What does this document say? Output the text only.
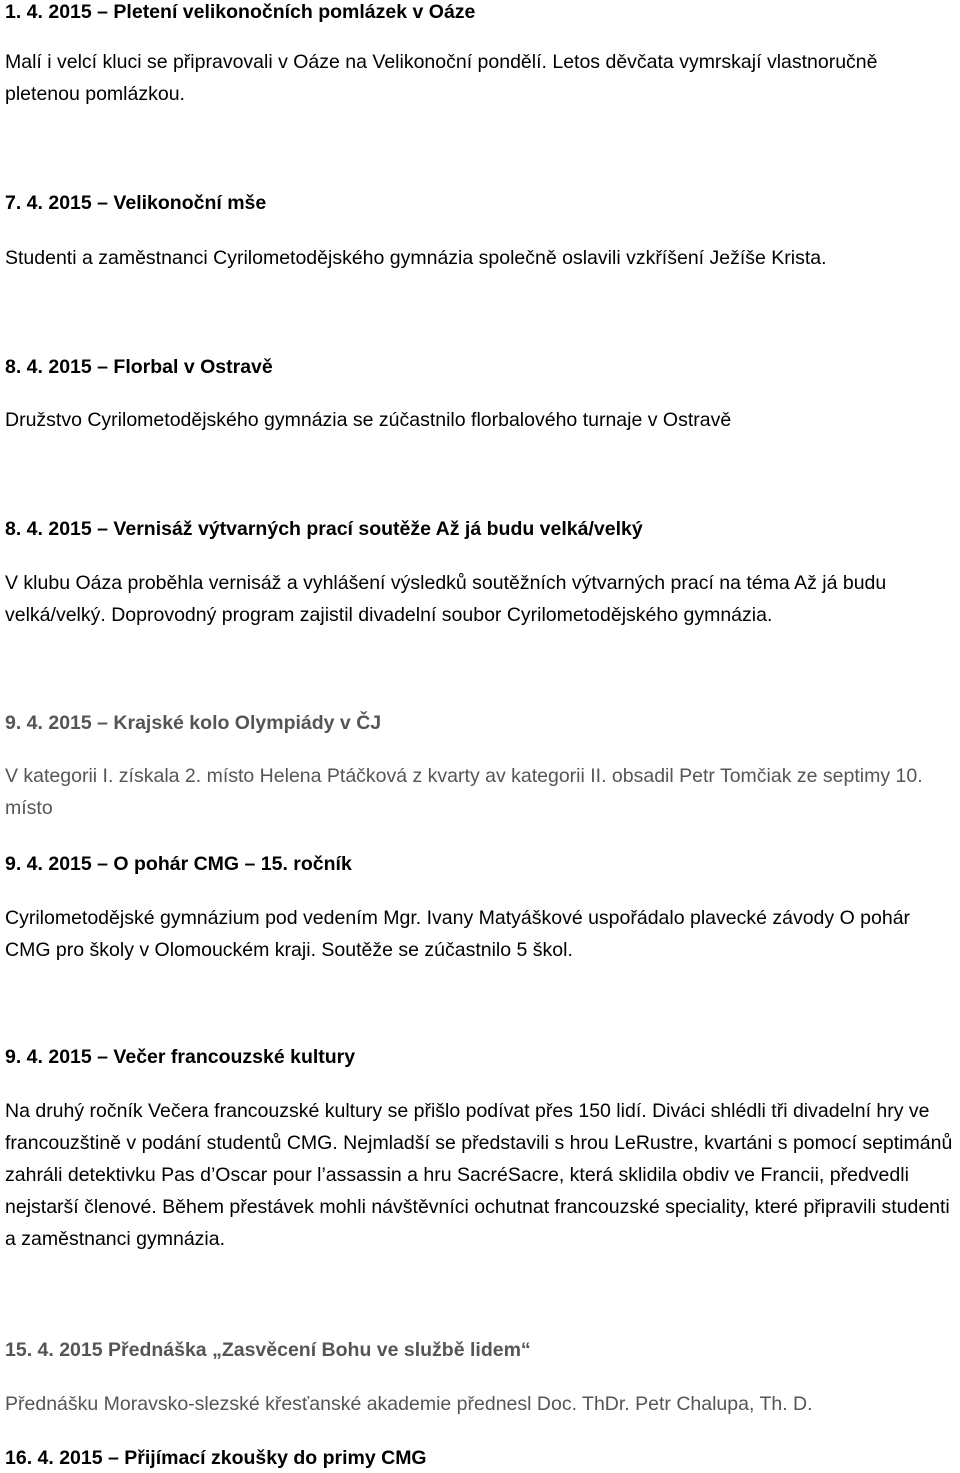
1. 4. 2015 – Pletení velikonočních pomlázek v Oáze

Malí i velcí kluci se připravovali v Oáze na Velikonoční pondělí. Letos děvčata vymrskají vlastnoručně pletenou pomlázkou.

7. 4. 2015 – Velikonoční mše

Studenti a zaměstnanci Cyrilometodějského gymnázia společně oslavili vzkříšení Ježíše Krista.

8. 4. 2015 – Florbal v Ostravě

Družstvo Cyrilometodějského gymnázia se zúčastnilo florbalového turnaje v Ostravě

8. 4. 2015 – Vernisáž výtvarných prací soutěže Až já budu velká/velký

V klubu Oáza proběhla vernisáž a vyhlášení výsledků soutěžních výtvarných prací na téma Až já budu velká/velký. Doprovodný program zajistil divadelní soubor Cyrilometodějského gymnázia.

9. 4. 2015 – Krajské kolo Olympiády v ČJ

V kategorii I. získala 2. místo Helena Ptáčková z kvarty av kategorii II. obsadil Petr Tomčiak ze septimy 10. místo

9. 4. 2015 – O pohár CMG – 15. ročník

Cyrilometodějské gymnázium pod vedením Mgr. Ivany Matyáškové uspořádalo plavecké závody O pohár CMG pro školy v Olomouckém kraji. Soutěže se zúčastnilo 5 škol.

9. 4. 2015 – Večer francouzské kultury

Na druhý ročník Večera francouzské kultury se přišlo podívat přes 150 lidí. Diváci shlédli tři divadelní hry ve francouzštině v podání studentů CMG. Nejmladší se představili s hrou LeRustre, kvartáni s pomocí septimánů zahráli detektivku Pas d’Oscar pour l’assassin a hru SacréSacre, která sklidila obdiv ve Francii, předvedli nejstarší členové. Během přestávek mohli návštěvníci ochutnat francouzské speciality, které připravili studenti a zaměstnanci gymnázia.

15. 4. 2015 Přednáška „Zasvěcení Bohu ve službě lidem“

Přednášku Moravsko-slezské křesťanské akademie přednesl Doc. ThDr. Petr Chalupa, Th. D.

16. 4. 2015 – Přijímací zkoušky do primy CMG
